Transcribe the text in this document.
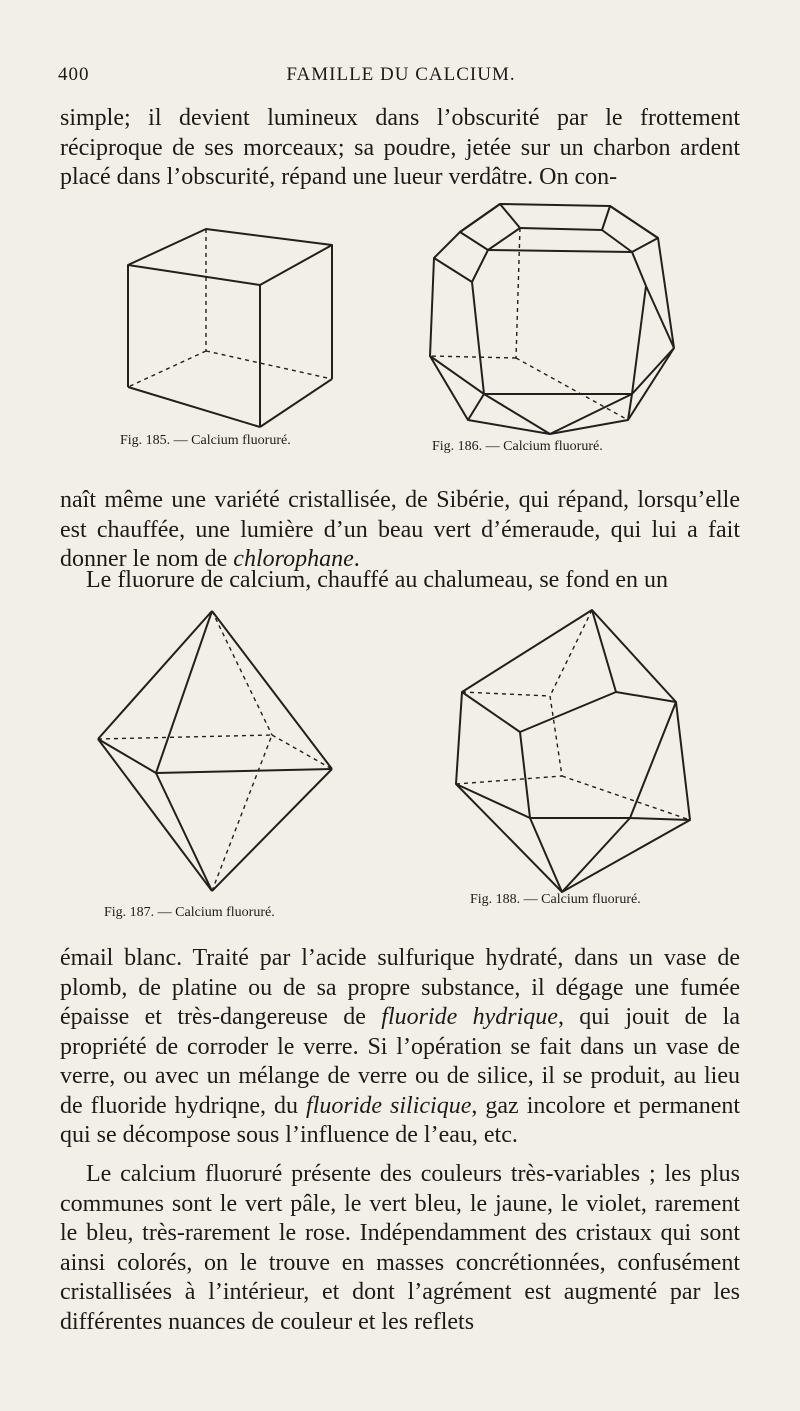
400	FAMILLE DU CALCIUM.

simple; il devient lumineux dans l’obscurité par le frottement réciproque de ses morceaux; sa poudre, jetée sur un charbon ardent placé dans l’obscurité, répand une lueur verdâtre. On con-

Fig. 185. — Calcium fluoruré.	Fig. 186. — Calcium fluoruré.

naît même une variété cristallisée, de Sibérie, qui répand, lorsqu’elle est chauffée, une lumière d’un beau vert d’émeraude, qui lui a fait donner le nom de chlorophane.

Le fluorure de calcium, chauffé au chalumeau, se fond en un

Fig. 187. — Calcium fluoruré.
Fig. 188. — Calcium fluoruré.

émail blanc. Traité par l’acide sulfurique hydraté, dans un vase de plomb, de platine ou de sa propre substance, il dégage une fumée épaisse et très-dangereuse de fluoride hydrique, qui jouit de la propriété de corroder le verre. Si l’opération se fait dans un vase de verre, ou avec un mélange de verre ou de silice, il se produit, au lieu de fluoride hydriqne, du fluoride silicique, gaz incolore et permanent qui se décompose sous l’influence de l’eau, etc.

Le calcium fluoruré présente des couleurs très-variables ; les plus communes sont le vert pâle, le vert bleu, le jaune, le violet, rarement le bleu, très-rarement le rose. Indépendamment des cristaux qui sont ainsi colorés, on le trouve en masses concrétionnées, confusément cristallisées à l’intérieur, et dont l’agrément est augmenté par les différentes nuances de couleur et les reflets
